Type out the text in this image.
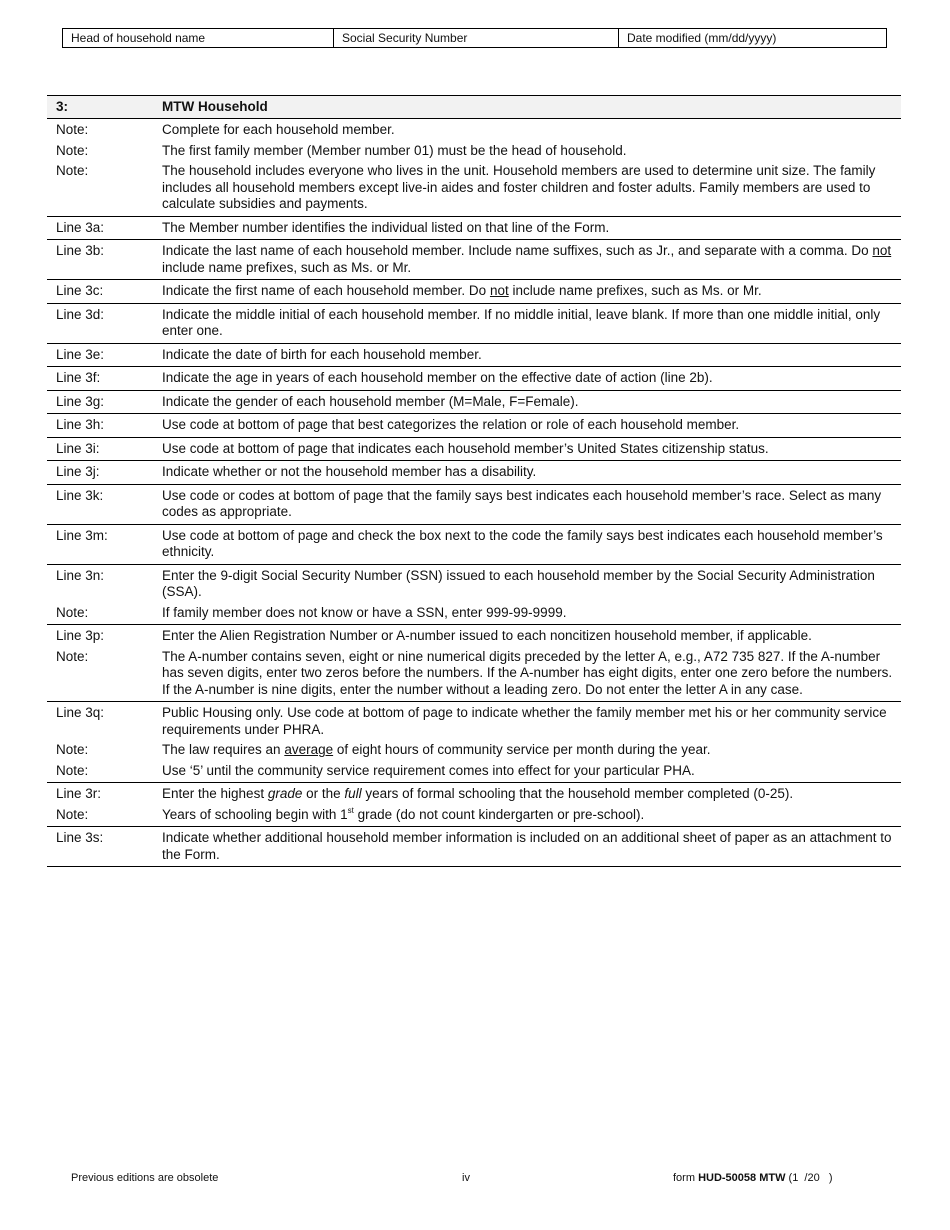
Head of household name	Social Security Number	Date modified (mm/dd/yyyy)
3:	MTW Household
Note:	Complete for each household member.
Note:	The first family member (Member number 01) must be the head of household.
Note:	The household includes everyone who lives in the unit. Household members are used to determine unit size. The family includes all household members except live-in aides and foster children and foster adults. Family members are used to calculate subsidies and payments.
Line 3a:	The Member number identifies the individual listed on that line of the Form.
Line 3b:	Indicate the last name of each household member. Include name suffixes, such as Jr., and separate with a comma. Do not include name prefixes, such as Ms. or Mr.
Line 3c:	Indicate the first name of each household member. Do not include name prefixes, such as Ms. or Mr.
Line 3d:	Indicate the middle initial of each household member. If no middle initial, leave blank. If more than one middle initial, only enter one.
Line 3e:	Indicate the date of birth for each household member.
Line 3f:	Indicate the age in years of each household member on the effective date of action (line 2b).
Line 3g:	Indicate the gender of each household member (M=Male, F=Female).
Line 3h:	Use code at bottom of page that best categorizes the relation or role of each household member.
Line 3i:	Use code at bottom of page that indicates each household member’s United States citizenship status.
Line 3j:	Indicate whether or not the household member has a disability.
Line 3k:	Use code or codes at bottom of page that the family says best indicates each household member’s race. Select as many codes as appropriate.
Line 3m:	Use code at bottom of page and check the box next to the code the family says best indicates each household member’s ethnicity.
Line 3n:	Enter the 9-digit Social Security Number (SSN) issued to each household member by the Social Security Administration (SSA).
Note:	If family member does not know or have a SSN, enter 999-99-9999.
Line 3p:	Enter the Alien Registration Number or A-number issued to each noncitizen household member, if applicable.
Note:	The A-number contains seven, eight or nine numerical digits preceded by the letter A, e.g., A72 735 827. If the A-number has seven digits, enter two zeros before the numbers. If the A-number has eight digits, enter one zero before the numbers. If the A-number is nine digits, enter the number without a leading zero. Do not enter the letter A in any case.
Line 3q:	Public Housing only. Use code at bottom of page to indicate whether the family member met his or her community service requirements under PHRA.
Note:	The law requires an average of eight hours of community service per month during the year.
Note:	Use ‘5’ until the community service requirement comes into effect for your particular PHA.
Line 3r:	Enter the highest grade or the full years of formal schooling that the household member completed (0-25).
Note:	Years of schooling begin with 1st grade (do not count kindergarten or pre-school).
Line 3s:	Indicate whether additional household member information is included on an additional sheet of paper as an attachment to the Form.
Previous editions are obsolete	iv	form HUD-50058 MTW (1  /20   )
